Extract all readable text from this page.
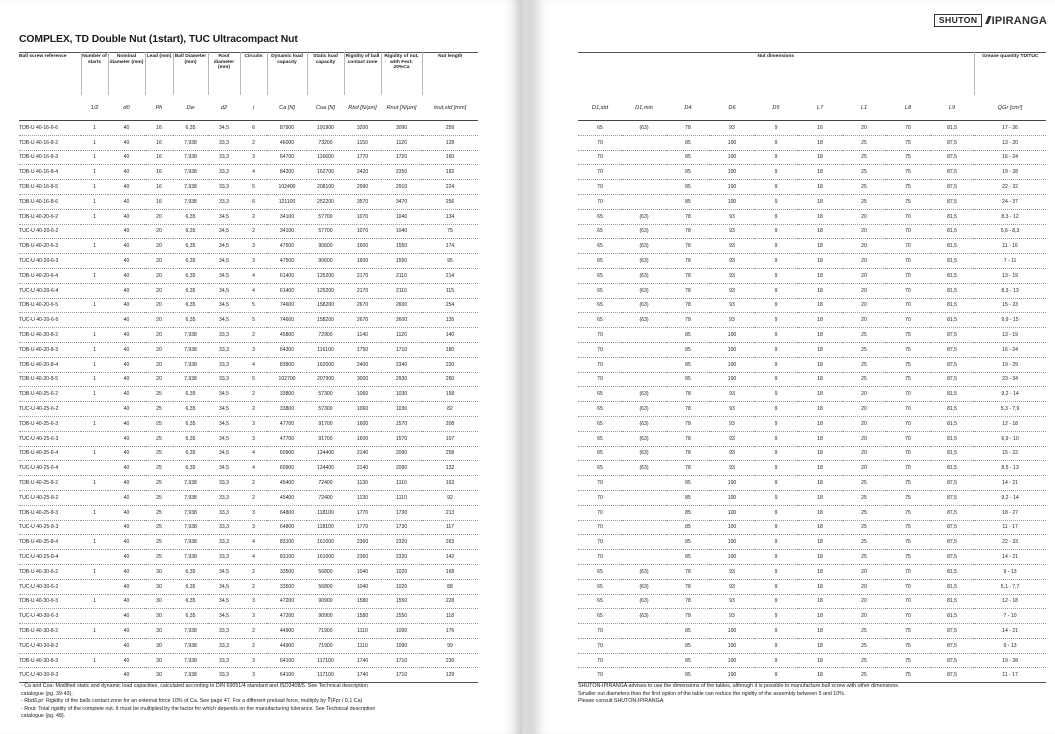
COMPLEX, TD Double Nut (1start), TUC Ultracompact Nut
Ball screw reference	Number of starts	Nominal diameter (mm)	Lead (mm)	Ball Diameter (mm)	Root diameter (mm)	Circuits	Dynamic load capacity	Static load capacity	Rigidity of ball contact zone	Rigidity of nut, with Fext: 20%Ca	Nut length
	1/2	d0	Ph	Dw	d2	i	Ca [N]	Coa [N]	Rbd [N/µm]	Rnut [N/µm]	Inut,std [mm]
TDB-U 40-16-6-6	1	40	16	6,35	34,5	6	87900	191900	3200	3090	259
TDB-U 40-16-8-2	1	40	16	7,938	33,3	2	46000	73200	1150	1120	128
TDB-U 40-16-8-3	1	40	16	7,938	33,3	3	64700	116600	1770	1720	160
TDB-U 40-16-8-4	1	40	16	7,938	33,3	4	84200	162700	2420	2350	192
TDB-U 40-16-8-5	1	40	16	7,938	33,3	5	102400	208100	2990	2910	224
TDB-U 40-16-8-6	1	40	16	7,938	33,3	6	121100	252200	3570	3470	256
TDB-U 40-20-6-2	1	40	20	6,35	34,5	2	34100	57700	1070	1040	134
TUC-U 40-20-6-2		40	20	6,35	34,5	2	34100	57700	1070	1040	75
TDB-U 40-20-6-3	1	40	20	6,35	34,5	3	47500	90600	1600	1550	174
TUC-U 40-20-6-3		40	20	6,35	34,5	3	47500	90600	1600	1550	95
TDB-U 40-20-6-4	1	40	20	6,35	34,5	4	61400	125200	2170	2110	214
TUC-U 40-20-6-4		40	20	6,35	34,5	4	61400	125200	2170	2110	115
TDB-U 40-20-6-5	1	40	20	6,35	34,5	5	74600	158200	2670	2600	254
TUC-U 40-20-6-5		40	20	6,35	34,5	5	74600	158200	2670	2600	135
TDB-U 40-20-8-2	1	40	20	7,938	33,3	2	45800	72900	1140	1120	140
TDB-U 40-20-8-3	1	40	20	7,938	33,3	3	64300	116100	1750	1710	180
TDB-U 40-20-8-4	1	40	20	7,938	33,3	4	83800	162000	2400	2340	220
TDB-U 40-20-8-5	1	40	20	7,938	33,3	5	102700	207900	3000	2930	260
TDB-U 40-25-6-2	1	40	25	6,35	34,5	2	33800	57300	1060	1030	158
TUC-U 40-25-6-2		40	25	6,35	34,5	2	33800	57300	1060	1030	82
TDB-U 40-25-6-3	1	40	25	6,35	34,5	3	47700	91700	1600	1570	208
TUC-U 40-25-6-3		40	25	6,35	34,5	3	47700	91700	1600	1570	107
TDB-U 40-25-6-4	1	40	25	6,35	34,5	4	60900	124400	2140	2090	258
TUC-U 40-25-6-4		40	25	6,35	34,5	4	60900	124400	2140	2090	132
TDB-U 40-25-8-2	1	40	25	7,938	33,3	2	45400	72400	1130	1110	163
TUC-U 40-25-8-2		40	25	7,938	33,3	2	45400	72400	1130	1110	92
TDB-U 40-25-8-3	1	40	25	7,938	33,3	3	64800	118100	1770	1730	213
TUC-U 40-25-8-3		40	25	7,938	33,3	3	64800	118100	1770	1730	117
TDB-U 40-25-8-4	1	40	25	7,938	33,3	4	83100	161000	2360	2320	263
TUC-U 40-25-8-4		40	25	7,938	33,3	4	83100	161000	2360	2320	142
TDB-U 40-30-6-2	1	40	30	6,35	34,5	2	33500	56800	1040	1020	168
TUC-U 40-30-6-2		40	30	6,35	34,5	2	33500	56800	1040	1020	88
TDB-U 40-30-6-3	1	40	30	6,35	34,5	3	47200	90900	1580	1550	228
TUC-U 40-30-6-3		40	30	6,35	34,5	3	47200	90900	1580	1550	118
TDB-U 40-30-8-2	1	40	30	7,938	33,3	2	44900	71900	1110	1090	176
TUC-U 40-30-8-2		40	30	7,938	33,3	2	44900	71900	1110	1090	99
TDB-U 40-30-8-3	1	40	30	7,938	33,3	3	64100	117100	1740	1710	236
TUC-U 40-30-8-3		40	30	7,938	33,3	3	64100	117100	1740	1710	129
- Ca and Coa: Modified static and dynamic load capacities, calculated according to DIN 69051/4 standard and ISO3408/5. See Technical description
catalogue (pg. 39-43).
- Rbd/Lpr: Rigidity of the balls contact zone for an external force 10% of Ca. See page 47. For a different preload force, multiply by ∛(Fpr / 0,1 Ca)
- Rnut: Total rigidity of the complete nut. It must be multiplied by the factor fnr which depends on the manufacturing tolerance. See Technical description
catalogue (pg. 48).
SHUTON /// IPIRANGA
Nut dimensions									Grease quantity TD/TUC
D1,std	D1,min	D4	D6	D5	L7	L1	L8	L9	QGr [cm³]
65	(63)	78	93	9	16	20	70	81,5	17 - 26
70		85	100	9	18	25	75	87,5	13 - 20
70		85	100	9	18	25	75	87,5	16 - 24
70		85	100	9	18	25	75	87,5	19 - 28
70		85	100	9	18	25	75	87,5	22 - 32
70		85	100	9	18	25	75	87,5	24 - 37
65	(63)	78	93	9	18	20	70	81,5	8,3 - 12
65	(63)	78	93	9	18	20	70	81,5	5,6 - 8,3
65	(63)	78	93	9	18	20	70	81,5	11 - 16
65	(63)	78	93	9	18	20	70	81,5	7 - 11
65	(63)	78	93	9	18	20	70	81,5	13 - 19
65	(63)	78	93	9	18	20	70	81,5	8,3 - 13
65	(63)	78	93	9	18	20	70	81,5	15 - 23
65	(63)	78	93	9	18	20	70	81,5	9,9 - 15
70		85	100	9	18	25	75	87,5	13 - 19
70		85	100	9	18	25	75	87,5	16 - 24
70		85	100	9	18	25	75	87,5	19 - 29
70		85	100	9	18	25	75	87,5	23 - 34
65	(63)	78	93	9	18	20	70	81,5	9,2 - 14
65	(63)	78	93	9	18	20	70	81,5	5,3 - 7,9
65	(63)	78	93	9	18	20	70	81,5	12 - 18
65	(63)	78	93	9	18	20	70	81,5	6,9 - 10
65	(63)	78	93	9	18	20	70	81,5	15 - 22
65	(63)	78	93	9	18	20	70	81,5	8,5 - 13
70		85	100	9	18	25	75	87,5	14 - 21
70		85	100	9	18	25	75	87,5	9,2 - 14
70		85	100	9	18	25	75	87,5	18 - 27
70		85	100	9	18	25	75	87,5	11 - 17
70		85	100	9	18	25	75	87,5	22 - 33
70		85	100	9	18	25	75	87,5	14 - 21
65	(63)	78	93	9	18	20	70	81,5	9 - 13
65	(63)	78	93	9	18	20	70	81,5	5,1 - 7,7
65	(63)	78	93	9	18	20	70	81,5	12 - 18
65	(63)	78	93	9	18	20	70	81,5	7 - 10
70		85	100	9	18	25	75	87,5	14 - 21
70		85	100	9	18	25	75	87,5	9 - 13
70		85	100	9	18	25	75	87,5	19 - 28
70		85	100	9	18	25	75	87,5	11 - 17
SHUTON-IPIRANGA advises to use the dimensions of the tables, although it is possible to manufacture ball screw with other dimensions.
Smaller nut diameters than the first option of the table can reduce the rigidity of the assembly between 5 and 10%.
Please consult SHUTON-IPIRANGA.
